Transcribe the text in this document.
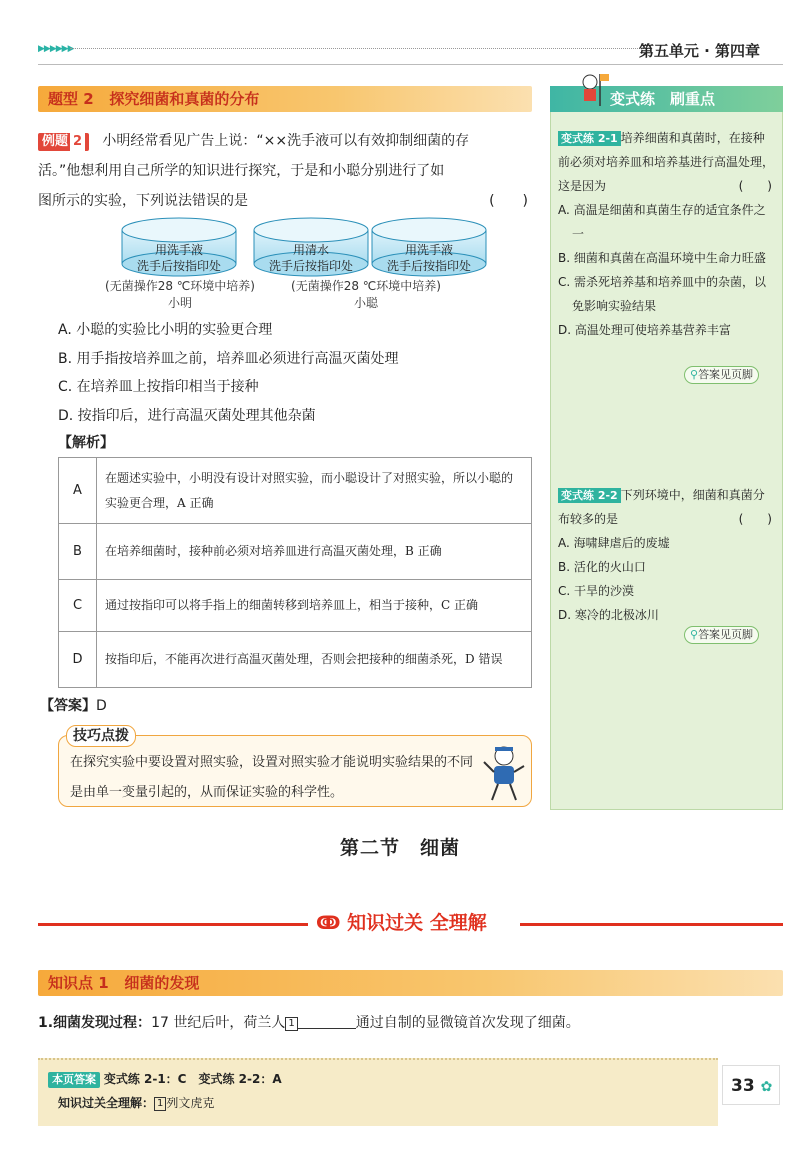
▶▶▶▶▶▶	第五单元 · 第四章
题型 2 探究细菌和真菌的分布
例题 2 小明经常看见广告上说：“××洗手液可以有效抑制细菌的存
活。”他想利用自己所学的知识进行探究，于是和小聪分别进行了如
图所示的实验，下列说法错误的是	(　　)
用洗手液
洗手后按指印处
用清水
洗手后按指印处
用洗手液
洗手后按指印处
(无菌操作28 ℃环境中培养)
小明
(无菌操作28 ℃环境中培养)
小聪
A. 小聪的实验比小明的实验更合理
B. 用手指按培养皿之前，培养皿必须进行高温灭菌处理
C. 在培养皿上按指印相当于接种
D. 按指印后，进行高温灭菌处理其他杂菌
【解析】
A	在题述实验中，小明没有设计对照实验，而小聪设计了对照实验，所以小聪的实验更合理，A 正确
B	在培养细菌时，接种前必须对培养皿进行高温灭菌处理，B 正确
C	通过按指印可以将手指上的细菌转移到培养皿上，相当于接种，C 正确
D	按指印后，不能再次进行高温灭菌处理，否则会把接种的细菌杀死，D 错误
【答案】D
技巧点拨
在探究实验中要设置对照实验，设置对照实验才能说明实验结果的不同是由单一变量引起的，从而保证实验的科学性。
变式练　刷重点
变式练 2-1 培养细菌和真菌时，在接种前必须对培养皿和培养基进行高温处理，这是因为	(　　)
A. 高温是细菌和真菌生存的适宜条件之一
B. 细菌和真菌在高温环境中生命力旺盛
C. 需杀死培养基和培养皿中的杂菌，以免影响实验结果
D. 高温处理可使培养基营养丰富
⚲答案见页脚
变式练 2-2 下列环境中，细菌和真菌分布较多的是	(　　)
A. 海啸肆虐后的废墟
B. 活化的火山口
C. 干旱的沙漠
D. 寒冷的北极冰川
⚲答案见页脚
第二节　细菌
ↂ 知识过关 全理解
知识点 1 细菌的发现
1.细菌发现过程：17 世纪后叶，荷兰人 1	通过自制的显微镜首次发现了细菌。
本页答案 变式练 2-1：C　变式练 2-2：A
知识过关全理解： 1 列文虎克
33 ✿
